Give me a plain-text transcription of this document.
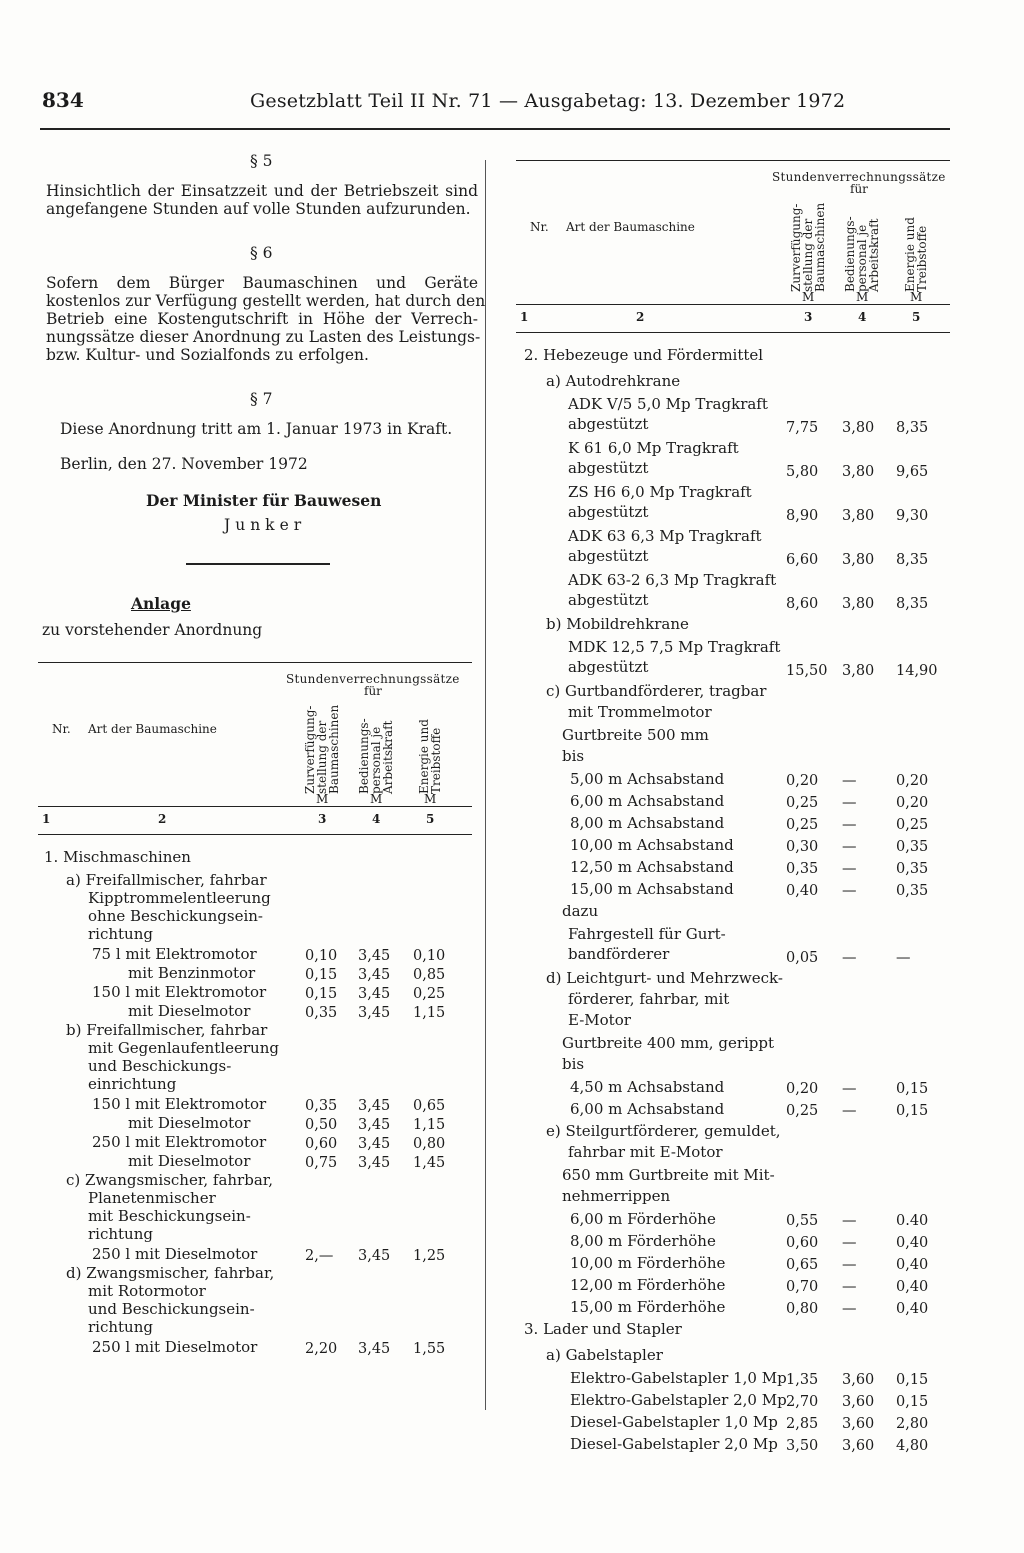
834	Gesetzblatt Teil II Nr. 71 — Ausgabetag: 13. Dezember 1972
§ 5
Hinsichtlich der Einsatzzeit und der Betriebszeit sind
angefangene Stunden auf volle Stunden aufzurunden.
§ 6
Sofern dem Bürger Baumaschinen und Geräte
kostenlos zur Verfügung gestellt werden, hat durch den
Betrieb eine Kostengutschrift in Höhe der Verrech-
nungssätze dieser Anordnung zu Lasten des Leistungs-
bzw. Kultur- und Sozialfonds zu erfolgen.
§ 7
Diese Anordnung tritt am 1. Januar 1973 in Kraft.
Berlin, den 27. November 1972
Der Minister für Bauwesen
Junker
Anlage
zu vorstehender Anordnung
Stundenverrechnungssätze
für
Nr. Art der Baumaschine	Zurverfügung-
stellung der
Baumaschinen
M
Bedienungs-
personal je
Arbeitskraft
M
Energie und
Treibstoffe
M
1	2	3	4	5
1. Mischmaschinen
a) Freifallmischer, fahrbar
Kipptrommelentleerung
ohne Beschickungsein-
richtung
75 l mit Elektromotor	0,10 3,45 0,10
mit Benzinmotor	0,15 3,45 0,85
150 l mit Elektromotor	0,15 3,45 0,25
mit Dieselmotor	0,35 3,45 1,15
b) Freifallmischer, fahrbar
mit Gegenlaufentleerung
und Beschickungs-
einrichtung
150 l mit Elektromotor	0,35 3,45 0,65
mit Dieselmotor	0,50 3,45 1,15
250 l mit Elektromotor	0,60 3,45 0,80
mit Dieselmotor	0,75 3,45 1,45
c) Zwangsmischer, fahrbar,
Planetenmischer
mit Beschickungsein-
richtung
250 l mit Dieselmotor	2,— 3,45 1,25
d) Zwangsmischer, fahrbar,
mit Rotormotor
und Beschickungsein-
richtung
250 l mit Dieselmotor	2,20 3,45 1,55
Stundenverrechnungssätze
für
Nr. Art der Baumaschine	Zurverfügung-
stellung der
Baumaschinen
M
Bedienungs-
personal je
Arbeitskraft
M
Energie und
Treibstoffe
M
1	2	3	4	5
2. Hebezeuge und Fördermittel
a) Autodrehkrane
ADK V/5 5,0 Mp Tragkraft
abgestützt	7,75 3,80 8,35
K 61 6,0 Mp Tragkraft
abgestützt	5,80 3,80 9,65
ZS H6 6,0 Mp Tragkraft
abgestützt	8,90 3,80 9,30
ADK 63 6,3 Mp Tragkraft
abgestützt	6,60 3,80 8,35
ADK 63-2 6,3 Mp Tragkraft
abgestützt	8,60 3,80 8,35
b) Mobildrehkrane
MDK 12,5 7,5 Mp Tragkraft
abgestützt	15,50 3,80 14,90
c) Gurtbandförderer, tragbar
mit Trommelmotor
Gurtbreite 500 mm
bis
5,00 m Achsabstand	0,20 —	0,20
6,00 m Achsabstand	0,25 —	0,20
8,00 m Achsabstand	0,25 —	0,25
10,00 m Achsabstand	0,30 —	0,35
12,50 m Achsabstand	0,35 —	0,35
15,00 m Achsabstand	0,40 —	0,35
dazu
Fahrgestell für Gurt-
bandförderer	0,05 —	—
d) Leichtgurt- und Mehrzweck-
förderer, fahrbar, mit
E-Motor
Gurtbreite 400 mm, gerippt
bis
4,50 m Achsabstand	0,20 —	0,15
6,00 m Achsabstand	0,25 —	0,15
e) Steilgurtförderer, gemuldet,
fahrbar mit E-Motor
650 mm Gurtbreite mit Mit-
nehmerrippen
6,00 m Förderhöhe	0,55 —	0.40
8,00 m Förderhöhe	0,60 —	0,40
10,00 m Förderhöhe	0,65 —	0,40
12,00 m Förderhöhe	0,70 —	0,40
15,00 m Förderhöhe	0,80 —	0,40
3. Lader und Stapler
a) Gabelstapler
Elektro-Gabelstapler 1,0 Mp 1,35 3,60 0,15
Elektro-Gabelstapler 2,0 Mp 2,70 3,60 0,15
Diesel-Gabelstapler 1,0 Mp 2,85 3,60 2,80
Diesel-Gabelstapler 2,0 Mp 3,50 3,60 4,80
